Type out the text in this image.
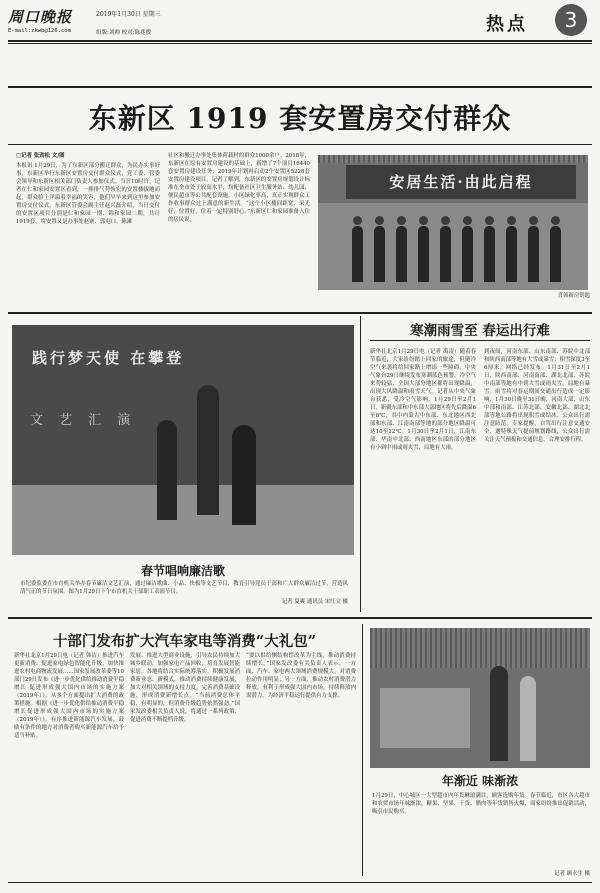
周口晚报	2019年1月30日 星期三
E-mail:zkwb@126.com	组版:刘帅 校对:陈兆俊	热点	3
东新区 1919 套安置房交付群众
□记者 张劲松 文/图
本报讯 1月29日，为了东新区部分搬迁群众，为民办实事好事，东新区举行东新区安置房交付群众仪式，党工委、管委会领导和东新区相关部门负责人参加仪式。当日10时许，记者在仁和家园安置区看到，一排排气势恢宏的安置楼拔地而起，群众脸上洋溢着幸福的笑容，他们早早来到这里参加安置房交付仪式。东新区管委会副主任赵兴磊介绍，当日交付的安置区项目分别是仁和家园一期、锦和家园二期，共计1919套，将安置又是办事处赵寨、郭屯口、陈滩
社区和搬迁办事处集体荷载村的群众1000余户。2018年，东新区在原有安置房建设的基础上，新增了7个项目16440套安置房建设任务；2019年计划再启动2个安置区5228套安置房建设项目。记者了解到，东新区的安置房规划设计标准在全市处于较高水平，均配备社区卫生服务站、幼儿园、便民超市等公共配套设施，小区绿化率高，真正实现群众工作收事群众过上满意的新生活。“这个小区楼间距宽、采光好，位置好，住着一定特别舒心。”东新区仁和家园准备入住的居民说。
安居生活·由此启程
喜领新房钥匙
践行梦天使 在攀登
文 艺 汇 演
春节唱响廉洁歌
市纪委监委在市直机关举办春节廉洁文艺汇演，通过廉洁歌曲、小品、快板等文艺节目，教育引导党员干部和广大群众廉洁过节，营造风清气正的节日氛围。图为1月29日下午市直机关干部职工表演节目。
记者 夏爽 通讯员 宋红文 摄
寒潮雨雪至 春运出行难
新华社北京1月29日电（记者 禹凌）随着春节临近，大家纷纷踏上回家的旅途，但随冷空气来袭将给回家路上增添一些障碍。中央气象台29日继续发布寒潮蓝色预警。冷空气来势较猛，全国大部分地区都将出现降温，出现大风降温和雨雪天气。记者从中央气象台获悉，受冷空气影响，1月29日至2月1日，新疆东部和中东部大部地区将先后降温6至8℃，其中内蒙古中东部、东北地区西北部和东部、江南南部等地的部分地区降温可达10至12℃。1月30日至2月1日，江南东部、华南中北部、西南地区东部的部分地区有小到中雨或雨夹雪，局地有大雨。
到夜间，河南东部、山东南部、苏皖中北部和陕西南部等地有大雪或暴雪；积雪深度3至6厘米。网络已经发布。1月31日至2月1日，陕西南部、河南南部、湖北北部、苏皖中南部等地有中到大雪或雨夹雪，局地有暴雪。雨雪将对春运期间交通出行造成一定影响，1月30日晚至31日晚，河南大部、山东中部和南部、江苏北部、安徽北部、湖北北部等地公路将出现积雪或结冰，公众出行需注意防范。专家提醒，自驾出行注意交通安全，遇特殊天气提前规划路线，公众出行需关注天气预报和交通信息，合理安排行程。
十部门发布扩大汽车家电等消费“大礼包”
新华社北京1月29日电（记者 韩洁）推进汽车更新消费、促进家电绿色智能化升级、加快推进农村电商物流发展……国家发展改革委等10部门29日发布《进一步优化供给推动消费平稳增长 促进形成强大国内市场的实施方案（2019年）》，从多个方面提出扩大消费的政策措施。根据《进一步优化供给推动消费平稳增长促进形成强大国内市场的实施方案（2019年）》，有序推进新能源汽车发展，鼓励有条件的地方对消费者购买新能源汽车给予适当补贴。
发展、推进大型商业设施，引导农民持续加大城乡联动，加强家电产品回收，培育发展智能家居。各地将结合实际统筹落实，积极发展消费新业态、新模式，推动消费持续健康发展，加大对相关领域的支持力度，完善消费基础设施，形成消费新增长点。“当前消费总体平稳，有明显的，但消费升级趋势依然强劲。”国家发改委相关负责人说，将通过一系列政策，促进消费不断提档升级。
“要以供给侧结构性改革为主线，推动消费持续增长。”国家发改委有关负责人表示，一方面，汽车、家电两大领域消费规模大，对消费拉动作用明显；另一方面，推动农村消费潜力释放，有利于形成强大国内市场，持续释放内需潜力，为经济平稳运行提供有力支撑。
年渐近 味渐浓
1月29日，中心城区一大型超市内年货琳琅满目，顾客选购年货。春节临近，市区各大超市和农贸市场年味渐浓，糖果、坚果、干货、腊肉等年货销售火爆，商家纷纷推出促销活动，吸引市民购买。
记者 顾永生 摄
